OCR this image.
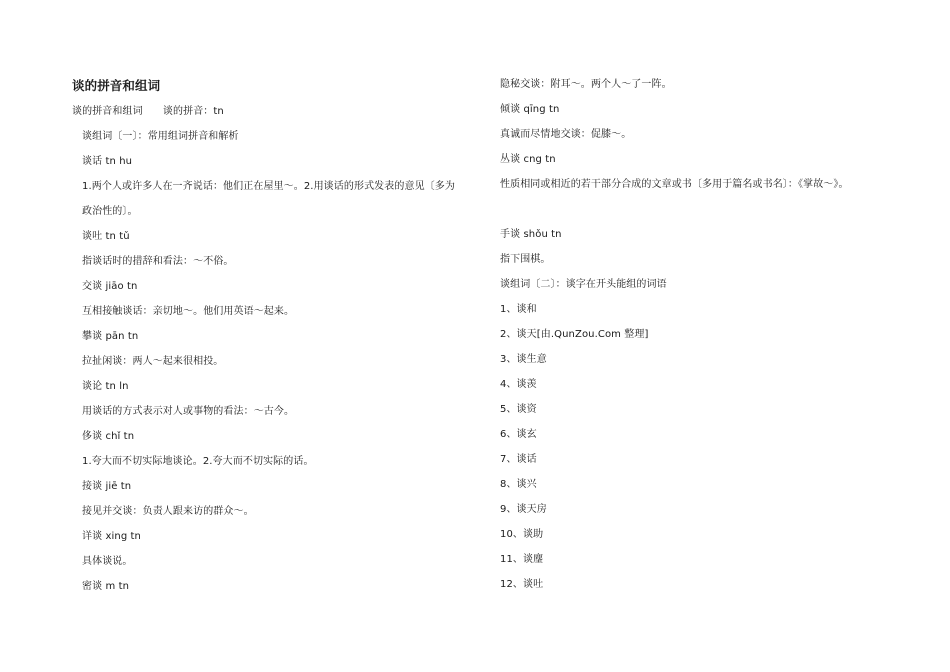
谈的拼音和组词
谈的拼音和组词　　谈的拼音：tn
谈组词〔一〕：常用组词拼音和解析
谈话 tn hu
1.两个人或许多人在一齐说话：他们正在屋里～。2.用谈话的形式发表的意见〔多为政治性的〕。
谈吐 tn tǔ
指谈话时的措辞和看法：～不俗。
交谈 jiāo tn
互相接触谈话：亲切地～。他们用英语～起来。
攀谈 pān tn
拉扯闲谈：两人～起来很相投。
谈论 tn ln
用谈话的方式表示对人或事物的看法：～古今。
侈谈 chǐ tn
1.夸大而不切实际地谈论。2.夸大而不切实际的话。
接谈 jiē tn
接见并交谈：负责人跟来访的群众～。
详谈 xing tn
具体谈说。
密谈 m tn
隐秘交谈：附耳～。两个人～了一阵。
倾谈 qīng tn
真诚而尽情地交谈：促膝～。
丛谈 cng tn
性质相同或相近的若干部分合成的文章或书〔多用于篇名或书名〕：《掌故～》。
手谈 shǒu tn
指下围棋。
谈组词〔二〕：谈字在开头能组的词语
1、谈和
2、谈天[由.QunZou.Com 整理]
3、谈生意
4、谈羡
5、谈资
6、谈玄
7、谈话
8、谈兴
9、谈天房
10、谈助
11、谈麈
12、谈吐
